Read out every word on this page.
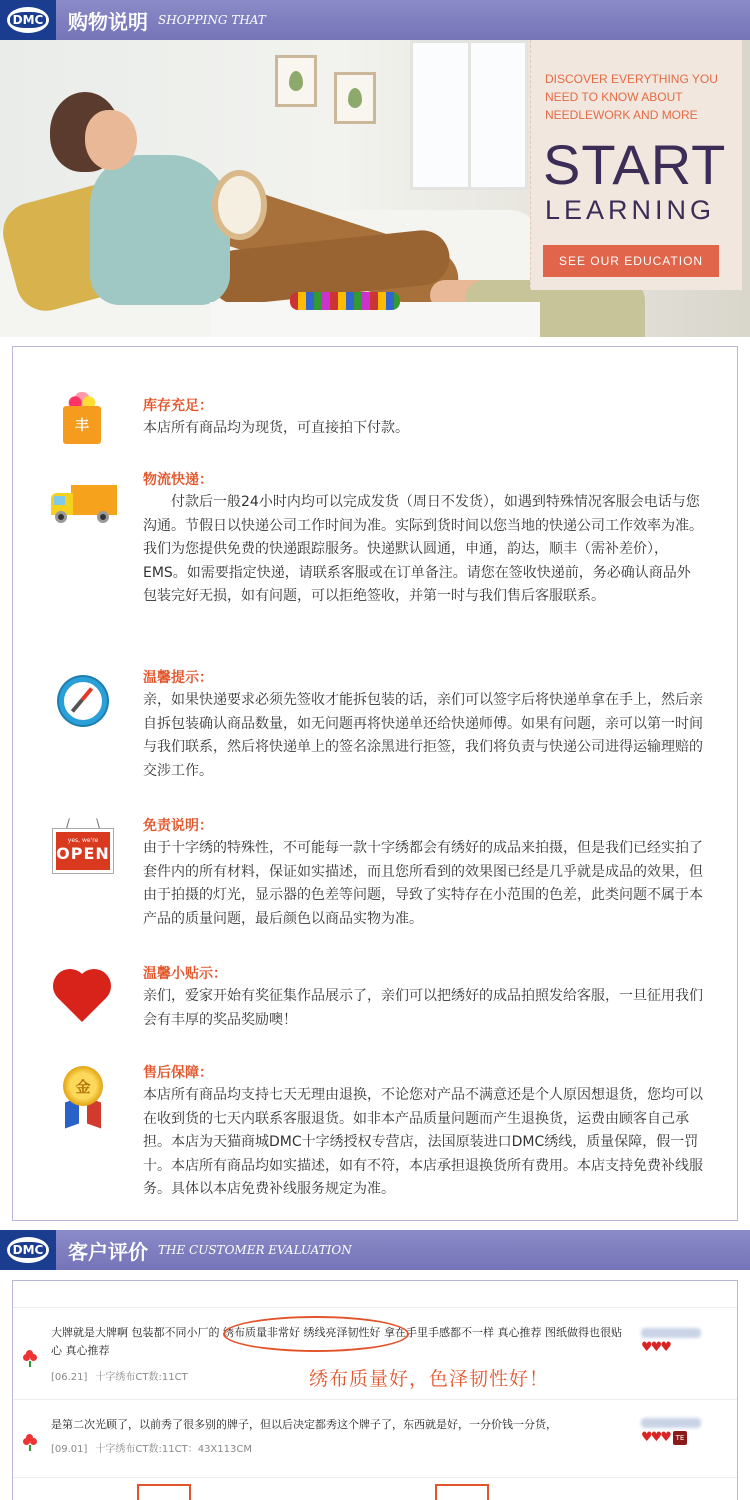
DMC 购物说明 SHOPPING THAT
DISCOVER EVERYTHING YOU NEED TO KNOW ABOUT NEEDLEWORK AND MORE
START
LEARNING
SEE OUR EDUCATION
丰
库存充足：
本店所有商品均为现货，可直接拍下付款。
物流快递：
　　付款后一般24小时内均可以完成发货（周日不发货），如遇到特殊情况客服会电话与您沟通。节假日以快递公司工作时间为准。实际到货时间以您当地的快递公司工作效率为准。我们为您提供免费的快递跟踪服务。快递默认圆通，申通，韵达，顺丰（需补差价），EMS。如需要指定快递，请联系客服或在订单备注。请您在签收快递前，务必确认商品外包装完好无损，如有问题，可以拒绝签收，并第一时与我们售后客服联系。
温馨提示：
亲，如果快递要求必须先签收才能拆包装的话，亲们可以签字后将快递单拿在手上，然后亲自拆包装确认商品数量，如无问题再将快递单还给快递师傅。如果有问题，亲可以第一时间与我们联系，然后将快递单上的签名涂黑进行拒签，我们将负责与快递公司进得运输理赔的交涉工作。
yes, we're
OPEN
免责说明：
由于十字绣的特殊性，不可能每一款十字绣都会有绣好的成品来拍摄，但是我们已经实拍了套件内的所有材料，保证如实描述，而且您所看到的效果图已经是几乎就是成品的效果，但由于拍摄的灯光，显示器的色差等问题，导致了实特存在小范围的色差，此类问题不属于本产品的质量问题，最后颜色以商品实物为准。
温馨小贴示：
亲们，爱家开始有奖征集作品展示了，亲们可以把绣好的成品拍照发给客服，一旦征用我们会有丰厚的奖品奖励噢！
金
售后保障：
本店所有商品均支持七天无理由退换，不论您对产品不满意还是个人原因想退货，您均可以在收到货的七天内联系客服退货。如非本产品质量问题而产生退换货，运费由顾客自己承担。本店为天猫商城DMC十字绣授权专营店，法国原装进口DMC绣线，质量保障，假一罚十。本店所有商品均如实描述，如有不符，本店承担退换货所有费用。本店支持免费补线服务。具体以本店免费补线服务规定为准。
DMC 客户评价 THE CUSTOMER EVALUATION
大牌就是大牌啊 包装都不同小厂的 绣布质量非常好 绣线亮泽韧性好 拿在手里手感都不一样 真心推荐 图纸做得也很贴心 真心推荐
[06.21] 十字绣布CT数:11CT
♥♥♥
绣布质量好，色泽韧性好！
是第二次光顾了，以前秀了很多别的牌子，但以后决定都秀这个牌子了，东西就是好，一分价钱一分货，
[09.01] 十字绣布CT数:11CT：43X113CM
♥♥♥ TE
